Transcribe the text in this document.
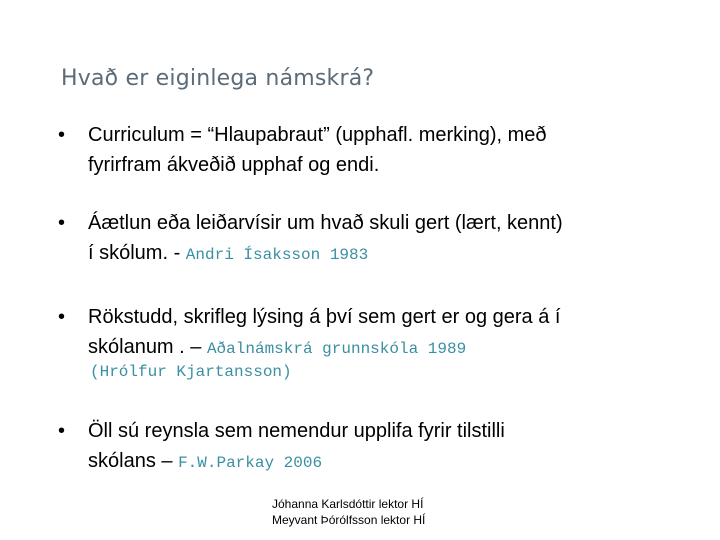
Hvað er eiginlega námskrá?
• Curriculum = “Hlaupabraut” (upphafl. merking), með
fyrirfram ákveðið upphaf og endi.
• Áætlun eða leiðarvísir um hvað skuli gert (lært, kennt)
í skólum. - Andri Ísaksson 1983
• Rökstudd, skrifleg lýsing á því sem gert er og gera á í
skólanum . – Aðalnámskrá grunnskóla 1989
(Hrólfur Kjartansson)
• Öll sú reynsla sem nemendur upplifa fyrir tilstilli
skólans – F.W.Parkay 2006
Jóhanna Karlsdóttir lektor HÍ
Meyvant Þórólfsson lektor HÍ
